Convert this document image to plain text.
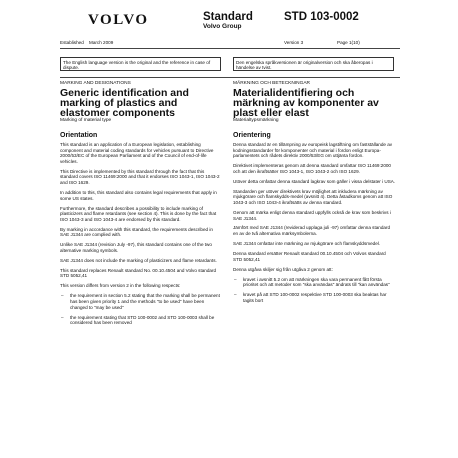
VOLVO	Standard
Volvo Group
STD 103-0002
Established March 2009	Version 3	Page 1(10)
The English language version is the original and the reference in case of dispute.
Den engelska språkversionen är originalversion och ska åberopas i händelse av tvist.

MARKING AND DESIGNATIONS

Generic identification and marking of plastics and elastomer components

Marking of material type

Orientation

This standard is an application of a European legislation, establishing component and material coding standards for vehicles pursuant to Directive 2000/53/EC of the European Parliament and of the Council of end-of-life vehicles.

This Directive is implemented by this standard through the fact that this standard covers ISO 11469:2000 and that it endorses ISO 1043-1, ISO 1043-2 and ISO 1629.

In addition to this, this standard also contains legal requirements that apply in some US states.

Furthermore, the standard describes a possibility to include marking of plasticizers and flame retardants (see section 4). This is done by the fact that ISO 1043-3 and ISO 1043-4 are endorsed by this standard.

By marking in accordance with this standard, the requirements described in SAE J1344 are complied with.

Unlike SAE J1344 (revision July -97), this standard contains one of the two alternative marking symbols.

SAE J1344 does not include the marking of plasticizers and flame retardants.

This standard replaces Renault standard No. 00.10.4504 and Volvo standard STD 5052,41

This version differs from version 2 in the following respects:

– the requirement in section 5.2 stating that the marking shall be permanent has been given priority 1 and the methods "to be used" have been changed to "may be used"
– the requirement stating that STD 100-0002 and STD 100-0003 shall be considered has been removed

MÄRKNING OCH BETECKNINGAR

Materialidentifiering och märkning av komponenter av plast eller elast

Materialtypsmärkning

Orientering

Denna standard är en tillämpning av europeisk lagstiftning om fastställande av kodningsstandarder för komponenter och material i fordon enligt Europa-parlamentets och rådets direktiv 2000/53/EG om uttjänta fordon.

Direktivet implementeras genom att denna standard omfattar ISO 11469:2000 och att den ikraftsätter ISO 1043-1, ISO 1043-2 och ISO 1629.

Utöver detta omfattar denna standard lagkrav som gäller i vissa delstater i USA.

Standarden ger utöver direktivets krav möjlighet att inkludera märkning av mjukgörare och flamskydds-medel (avsnitt 4). Detta åstadkoms genom att ISO 1043-3 och ISO 1043-4 ikraftsätts av denna standard.

Genom att märka enligt denna standard uppfylls också de krav som beskrivs i SAE J1344.

Jämfört med SAE J1344 (reviderad upplaga juli -97) omfattar denna standard en av de två alternativa märksymbolerna.

SAE J1344 omfattar inte märkning av mjukgörare och flamskyddsmedel.

Denna standard ersätter Renault standard 00.10.4504 och Volvos standard STD 5052,41

Denna utgåva skiljer sig från utgåva 2 genom att:

– kravet i avsnitt 5.2 om att märkningen ska vara permanent fått första prioritet och att metoder som "ska användas" ändrats till "kan användas"
– kravet på att STD 100-0002 respektive STD 100-0003 ska beaktas har tagits bort
